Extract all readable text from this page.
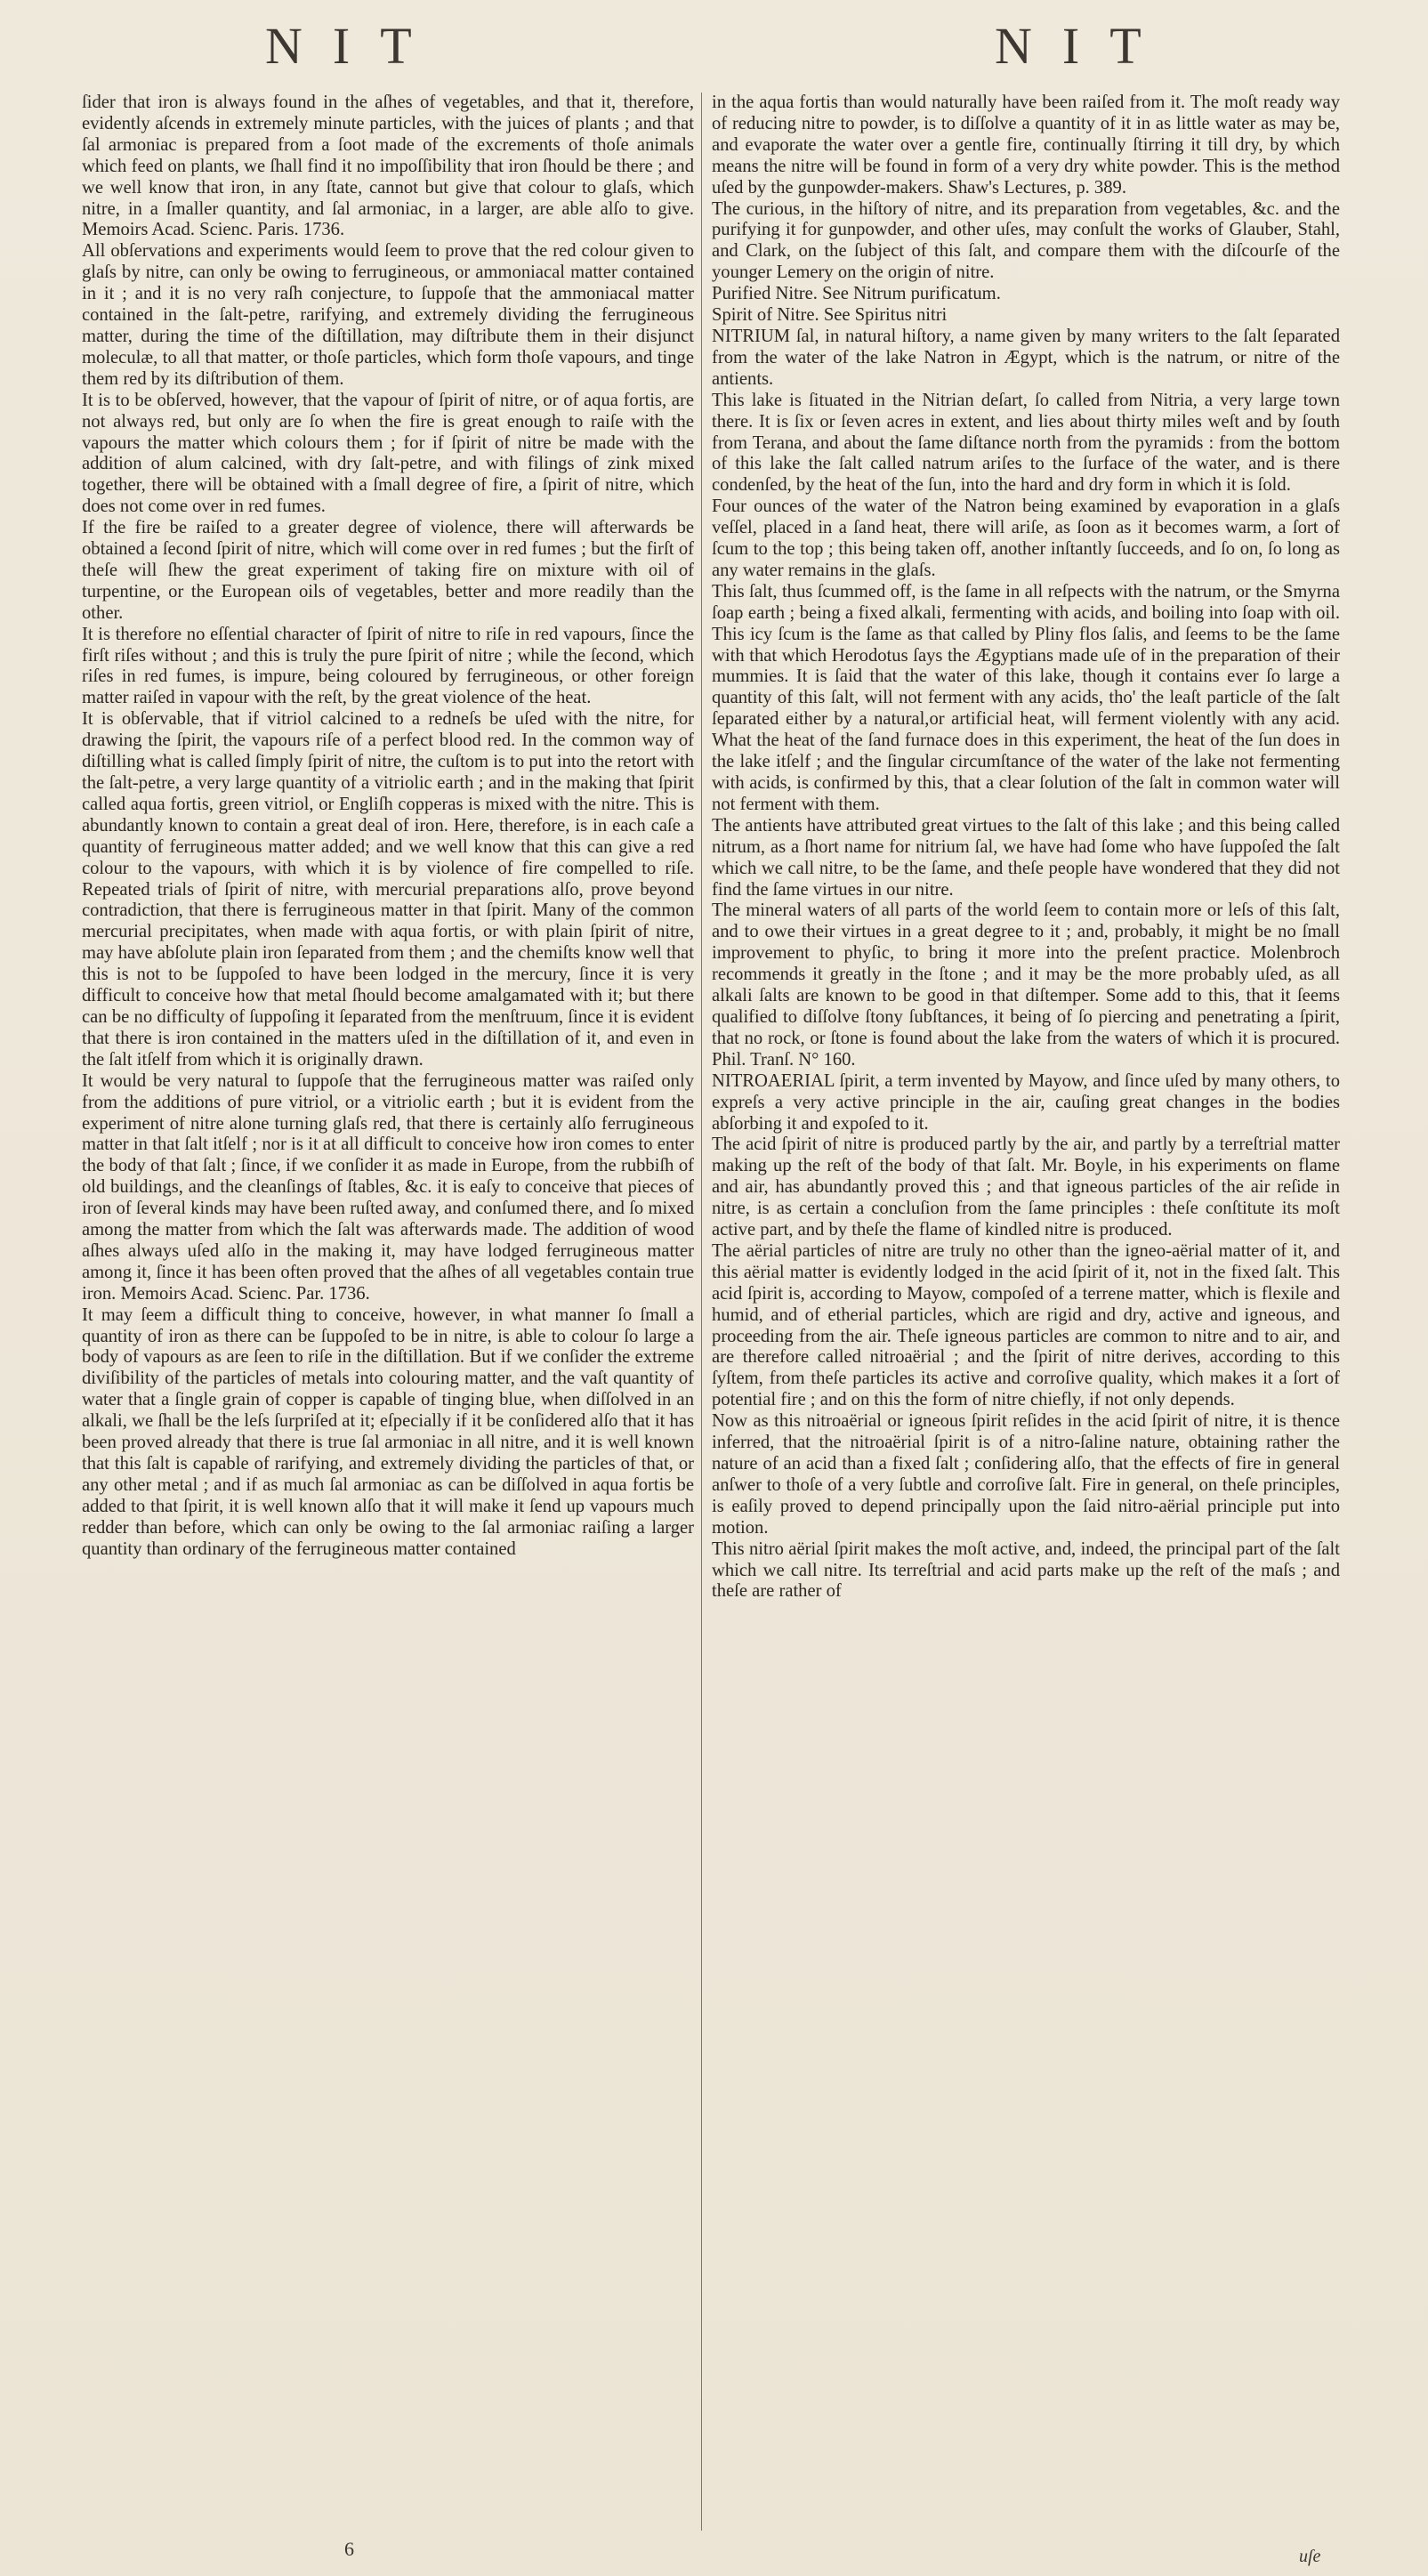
NIT	NIT

ſider that iron is always found in the aſhes of vegetables, and that it, therefore, evidently aſcends in extremely minute particles, with the juices of plants ; and that ſal armoniac is prepared from a ſoot made of the excrements of thoſe animals which feed on plants, we ſhall find it no impoſſibility that iron ſhould be there ; and we well know that iron, in any ſtate, cannot but give that colour to glaſs, which nitre, in a ſmaller quantity, and ſal armoniac, in a larger, are able alſo to give. Memoirs Acad. Scienc. Paris. 1736.

All obſervations and experiments would ſeem to prove that the red colour given to glaſs by nitre, can only be owing to ferrugineous, or ammoniacal matter contained in it ; and it is no very raſh conjecture, to ſuppoſe that the ammoniacal matter contained in the ſalt-petre, rarifying, and extremely dividing the ferrugineous matter, during the time of the diſtillation, may diſtribute them in their disjunct moleculæ, to all that matter, or thoſe particles, which form thoſe vapours, and tinge them red by its diſtribution of them.

It is to be obſerved, however, that the vapour of ſpirit of nitre, or of aqua fortis, are not always red, but only are ſo when the fire is great enough to raiſe with the vapours the matter which colours them ; for if ſpirit of nitre be made with the addition of alum calcined, with dry ſalt-petre, and with filings of zink mixed together, there will be obtained with a ſmall degree of fire, a ſpirit of nitre, which does not come over in red fumes.

If the fire be raiſed to a greater degree of violence, there will afterwards be obtained a ſecond ſpirit of nitre, which will come over in red fumes ; but the firſt of theſe will ſhew the great experiment of taking fire on mixture with oil of turpentine, or the European oils of vegetables, better and more readily than the other.

It is therefore no eſſential character of ſpirit of nitre to riſe in red vapours, ſince the firſt riſes without ; and this is truly the pure ſpirit of nitre ; while the ſecond, which riſes in red fumes, is impure, being coloured by ferrugineous, or other foreign matter raiſed in vapour with the reſt, by the great violence of the heat.

It is obſervable, that if vitriol calcined to a redneſs be uſed with the nitre, for drawing the ſpirit, the vapours riſe of a perfect blood red. In the common way of diſtilling what is called ſimply ſpirit of nitre, the cuſtom is to put into the retort with the ſalt-petre, a very large quantity of a vitriolic earth ; and in the making that ſpirit called aqua fortis, green vitriol, or Engliſh copperas is mixed with the nitre. This is abundantly known to contain a great deal of iron. Here, therefore, is in each caſe a quantity of ferrugineous matter added; and we well know that this can give a red colour to the vapours, with which it is by violence of fire compelled to riſe. Repeated trials of ſpirit of nitre, with mercurial preparations alſo, prove beyond contradiction, that there is ferrugineous matter in that ſpirit. Many of the common mercurial precipitates, when made with aqua fortis, or with plain ſpirit of nitre, may have abſolute plain iron ſeparated from them ; and the chemiſts know well that this is not to be ſuppoſed to have been lodged in the mercury, ſince it is very difficult to conceive how that metal ſhould become amalgamated with it; but there can be no difficulty of ſuppoſing it ſeparated from the menſtruum, ſince it is evident that there is iron contained in the matters uſed in the diſtillation of it, and even in the ſalt itſelf from which it is originally drawn.

It would be very natural to ſuppoſe that the ferrugineous matter was raiſed only from the additions of pure vitriol, or a vitriolic earth ; but it is evident from the experiment of nitre alone turning glaſs red, that there is certainly alſo ferrugineous matter in that ſalt itſelf ; nor is it at all difficult to conceive how iron comes to enter the body of that ſalt ; ſince, if we conſider it as made in Europe, from the rubbiſh of old buildings, and the cleanſings of ſtables, &c. it is eaſy to conceive that pieces of iron of ſeveral kinds may have been ruſted away, and conſumed there, and ſo mixed among the matter from which the ſalt was afterwards made. The addition of wood aſhes always uſed alſo in the making it, may have lodged ferrugineous matter among it, ſince it has been often proved that the aſhes of all vegetables contain true iron. Memoirs Acad. Scienc. Par. 1736.

It may ſeem a difficult thing to conceive, however, in what manner ſo ſmall a quantity of iron as there can be ſuppoſed to be in nitre, is able to colour ſo large a body of vapours as are ſeen to riſe in the diſtillation. But if we conſider the extreme diviſibility of the particles of metals into colouring matter, and the vaſt quantity of water that a ſingle grain of copper is capable of tinging blue, when diſſolved in an alkali, we ſhall be the leſs ſurpriſed at it; eſpecially if it be conſidered alſo that it has been proved already that there is true ſal armoniac in all nitre, and it is well known that this ſalt is capable of rarifying, and extremely dividing the particles of that, or any other metal ; and if as much ſal armoniac as can be diſſolved in aqua fortis be added to that ſpirit, it is well known alſo that it will make it ſend up vapours much redder than before, which can only be owing to the ſal armoniac raiſing a larger quantity than ordinary of the ferrugineous matter contained

in the aqua fortis than would naturally have been raiſed from it. The moſt ready way of reducing nitre to powder, is to diſſolve a quantity of it in as little water as may be, and evaporate the water over a gentle fire, continually ſtirring it till dry, by which means the nitre will be found in form of a very dry white powder. This is the method uſed by the gunpowder-makers. Shaw's Lectures, p. 389.

The curious, in the hiſtory of nitre, and its preparation from vegetables, &c. and the purifying it for gunpowder, and other uſes, may conſult the works of Glauber, Stahl, and Clark, on the ſubject of this ſalt, and compare them with the diſcourſe of the younger Lemery on the origin of nitre.

Purified Nitre. See Nitrum purificatum.

Spirit of Nitre. See Spiritus nitri

NITRIUM ſal, in natural hiſtory, a name given by many writers to the ſalt ſeparated from the water of the lake Natron in Ægypt, which is the natrum, or nitre of the antients.

This lake is ſituated in the Nitrian deſart, ſo called from Nitria, a very large town there. It is ſix or ſeven acres in extent, and lies about thirty miles weſt and by ſouth from Terana, and about the ſame diſtance north from the pyramids : from the bottom of this lake the ſalt called natrum ariſes to the ſurface of the water, and is there condenſed, by the heat of the ſun, into the hard and dry form in which it is ſold.

Four ounces of the water of the Natron being examined by evaporation in a glaſs veſſel, placed in a ſand heat, there will ariſe, as ſoon as it becomes warm, a ſort of ſcum to the top ; this being taken off, another inſtantly ſucceeds, and ſo on, ſo long as any water remains in the glaſs.

This ſalt, thus ſcummed off, is the ſame in all reſpects with the natrum, or the Smyrna ſoap earth ; being a fixed alkali, fermenting with acids, and boiling into ſoap with oil. This icy ſcum is the ſame as that called by Pliny flos ſalis, and ſeems to be the ſame with that which Herodotus ſays the Ægyptians made uſe of in the preparation of their mummies. It is ſaid that the water of this lake, though it contains ever ſo large a quantity of this ſalt, will not ferment with any acids, tho' the leaſt particle of the ſalt ſeparated either by a natural,or artificial heat, will ferment violently with any acid. What the heat of the ſand furnace does in this experiment, the heat of the ſun does in the lake itſelf ; and the ſingular circumſtance of the water of the lake not fermenting with acids, is confirmed by this, that a clear ſolution of the ſalt in common water will not ferment with them.

The antients have attributed great virtues to the ſalt of this lake ; and this being called nitrum, as a ſhort name for nitrium ſal, we have had ſome who have ſuppoſed the ſalt which we call nitre, to be the ſame, and theſe people have wondered that they did not find the ſame virtues in our nitre.

The mineral waters of all parts of the world ſeem to contain more or leſs of this ſalt, and to owe their virtues in a great degree to it ; and, probably, it might be no ſmall improvement to phyſic, to bring it more into the preſent practice. Molenbroch recommends it greatly in the ſtone ; and it may be the more probably uſed, as all alkali ſalts are known to be good in that diſtemper. Some add to this, that it ſeems qualified to diſſolve ſtony ſubſtances, it being of ſo piercing and penetrating a ſpirit, that no rock, or ſtone is found about the lake from the waters of which it is procured. Phil. Tranſ. N° 160.

NITROAERIAL ſpirit, a term invented by Mayow, and ſince uſed by many others, to expreſs a very active principle in the air, cauſing great changes in the bodies abſorbing it and expoſed to it.

The acid ſpirit of nitre is produced partly by the air, and partly by a terreſtrial matter making up the reſt of the body of that ſalt. Mr. Boyle, in his experiments on flame and air, has abundantly proved this ; and that igneous particles of the air reſide in nitre, is as certain a concluſion from the ſame principles : theſe conſtitute its moſt active part, and by theſe the flame of kindled nitre is produced.

The aërial particles of nitre are truly no other than the igneo-aërial matter of it, and this aërial matter is evidently lodged in the acid ſpirit of it, not in the fixed ſalt. This acid ſpirit is, according to Mayow, compoſed of a terrene matter, which is flexile and humid, and of etherial particles, which are rigid and dry, active and igneous, and proceeding from the air. Theſe igneous particles are common to nitre and to air, and are therefore called nitroaërial ; and the ſpirit of nitre derives, according to this ſyſtem, from theſe particles its active and corroſive quality, which makes it a ſort of potential fire ; and on this the form of nitre chiefly, if not only depends.

Now as this nitroaërial or igneous ſpirit reſides in the acid ſpirit of nitre, it is thence inferred, that the nitroaërial ſpirit is of a nitro-ſaline nature, obtaining rather the nature of an acid than a fixed ſalt ; conſidering alſo, that the effects of fire in general anſwer to thoſe of a very ſubtle and corroſive ſalt. Fire in general, on theſe principles, is eaſily proved to depend principally upon the ſaid nitro-aërial principle put into motion.

This nitro aërial ſpirit makes the moſt active, and, indeed, the principal part of the ſalt which we call nitre. Its terreſtrial and acid parts make up the reſt of the maſs ; and theſe are rather of

6	uſe
